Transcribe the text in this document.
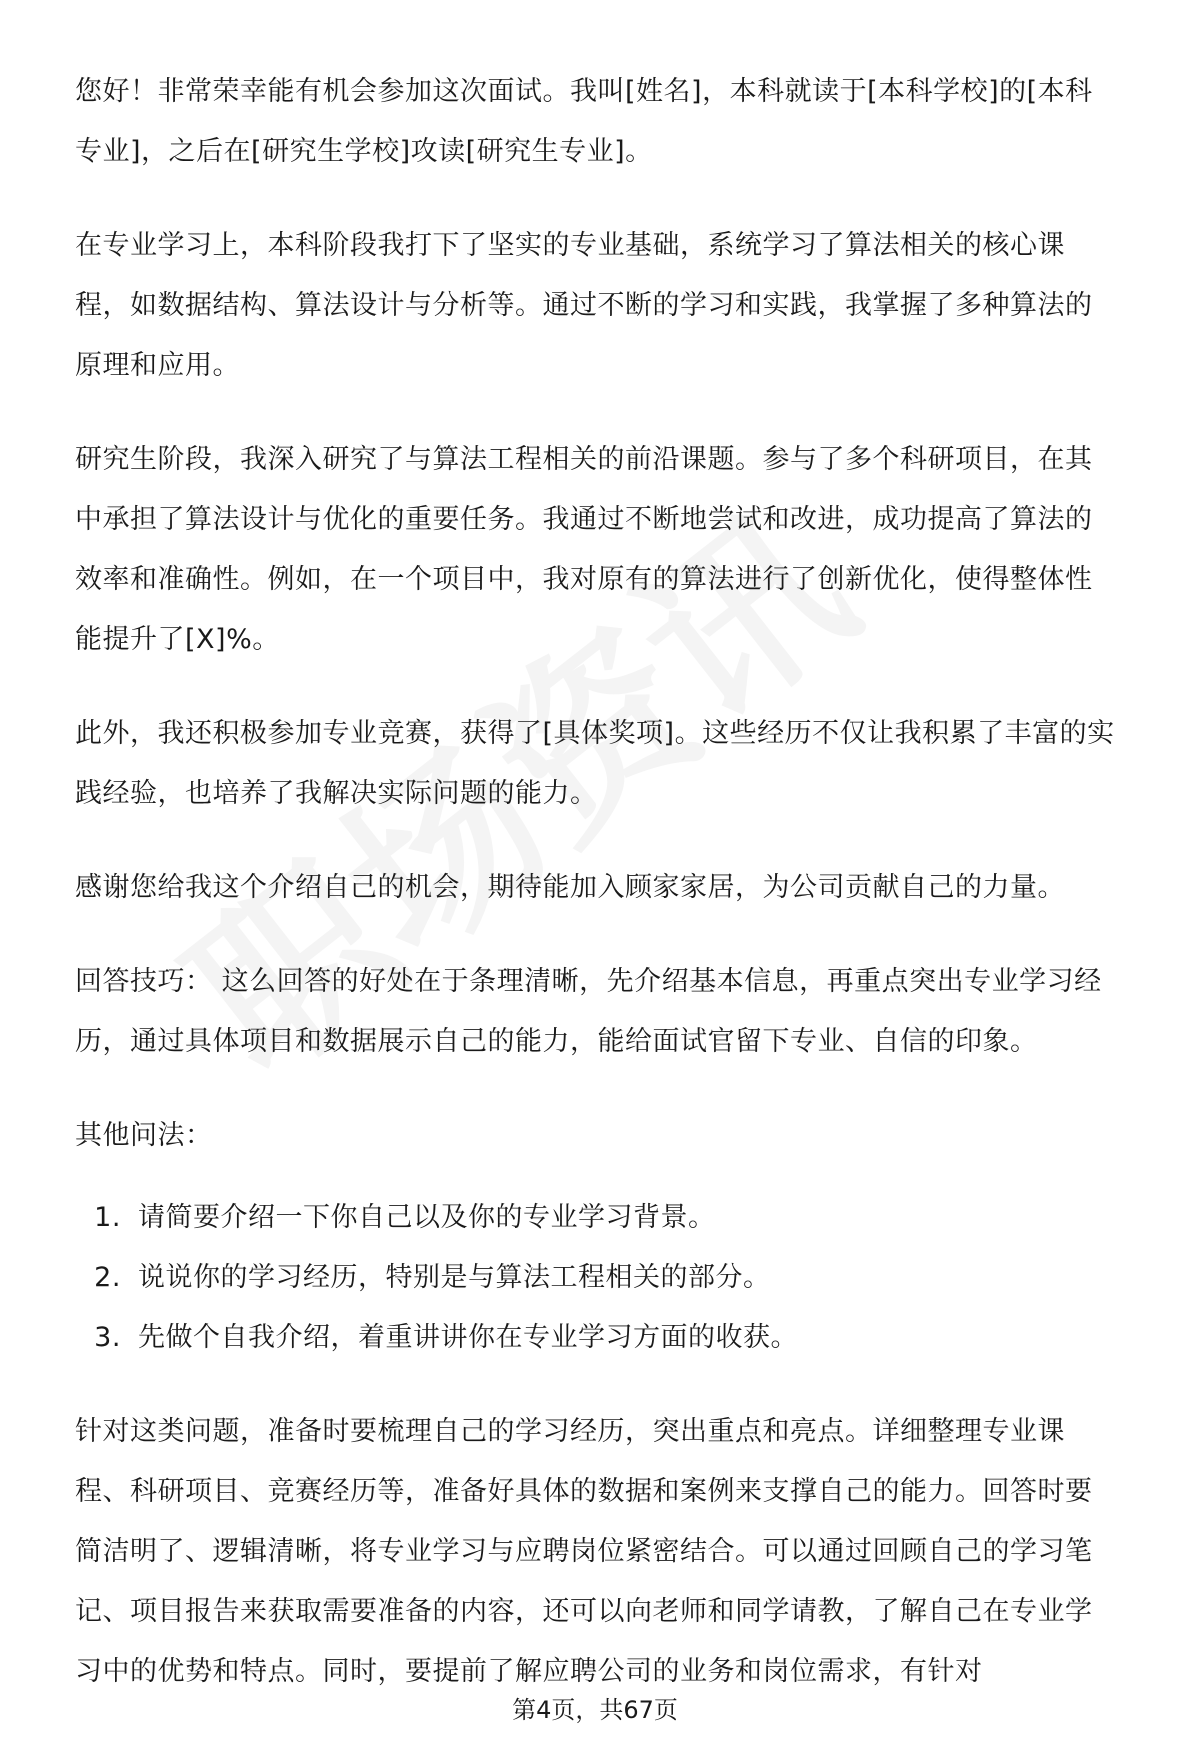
您好！非常荣幸能有机会参加这次面试。我叫[姓名]，本科就读于[本科学校]的[本科专业]，之后在[研究生学校]攻读[研究生专业]。

在专业学习上，本科阶段我打下了坚实的专业基础，系统学习了算法相关的核心课程，如数据结构、算法设计与分析等。通过不断的学习和实践，我掌握了多种算法的原理和应用。

研究生阶段，我深入研究了与算法工程相关的前沿课题。参与了多个科研项目，在其中承担了算法设计与优化的重要任务。我通过不断地尝试和改进，成功提高了算法的效率和准确性。例如，在一个项目中，我对原有的算法进行了创新优化，使得整体性能提升了[X]%。

此外，我还积极参加专业竞赛，获得了[具体奖项]。这些经历不仅让我积累了丰富的实践经验，也培养了我解决实际问题的能力。

感谢您给我这个介绍自己的机会，期待能加入顾家家居，为公司贡献自己的力量。

回答技巧： 这么回答的好处在于条理清晰，先介绍基本信息，再重点突出专业学习经历，通过具体项目和数据展示自己的能力，能给面试官留下专业、自信的印象。

其他问法：

1. 请简要介绍一下你自己以及你的专业学习背景。
2. 说说你的学习经历，特别是与算法工程相关的部分。
3. 先做个自我介绍，着重讲讲你在专业学习方面的收获。

针对这类问题，准备时要梳理自己的学习经历，突出重点和亮点。详细整理专业课程、科研项目、竞赛经历等，准备好具体的数据和案例来支撑自己的能力。回答时要简洁明了、逻辑清晰，将专业学习与应聘岗位紧密结合。可以通过回顾自己的学习笔记、项目报告来获取需要准备的内容，还可以向老师和同学请教，了解自己在专业学习中的优势和特点。同时，要提前了解应聘公司的业务和岗位需求，有针对

第4页，共67页
